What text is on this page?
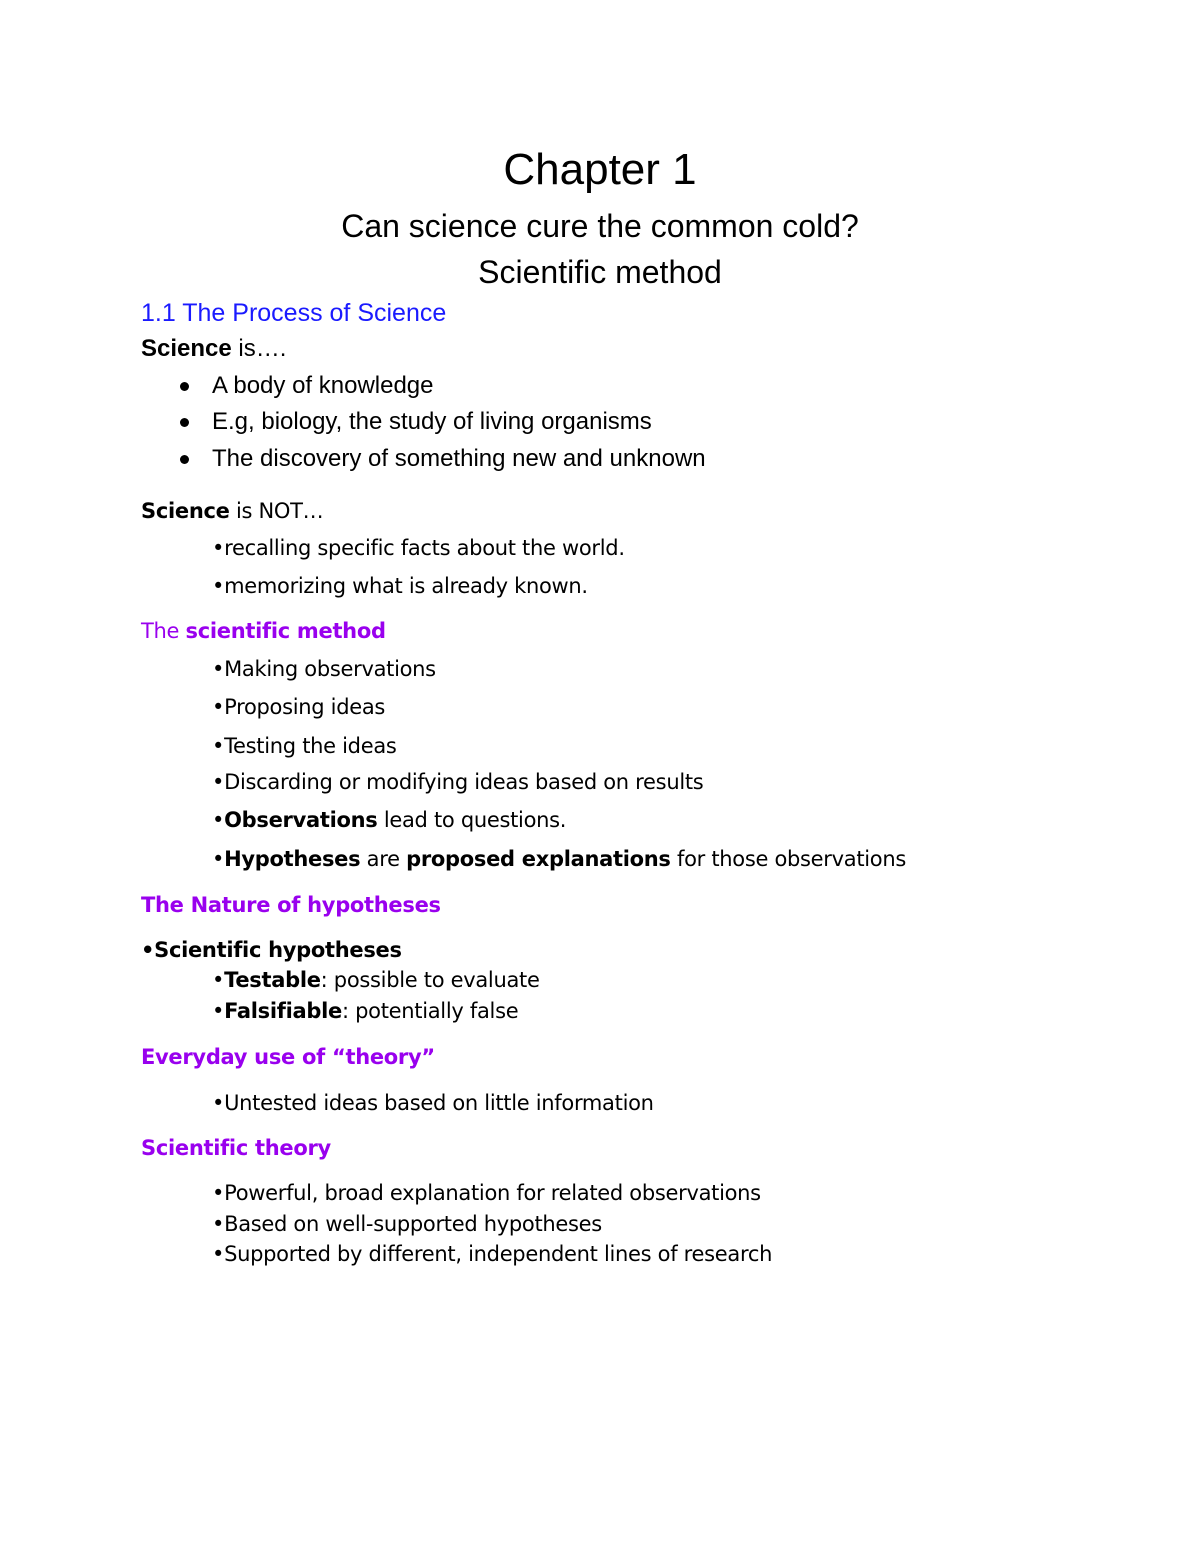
Chapter 1
Can science cure the common cold?
Scientific method
1.1 The Process of Science
Science is….
A body of knowledge
E.g, biology, the study of living organisms
The discovery of something new and unknown
Science is NOT…
•recalling specific facts about the world.
•memorizing what is already known.
The scientific method
•Making observations
•Proposing ideas
•Testing the ideas
•Discarding or modifying ideas based on results
•Observations lead to questions.
•Hypotheses are proposed explanations for those observations
The Nature of hypotheses
•Scientific hypotheses
•Testable: possible to evaluate
•Falsifiable: potentially false
Everyday use of “theory”
•Untested ideas based on little information
Scientific theory
•Powerful, broad explanation for related observations
•Based on well-supported hypotheses
•Supported by different, independent lines of research
